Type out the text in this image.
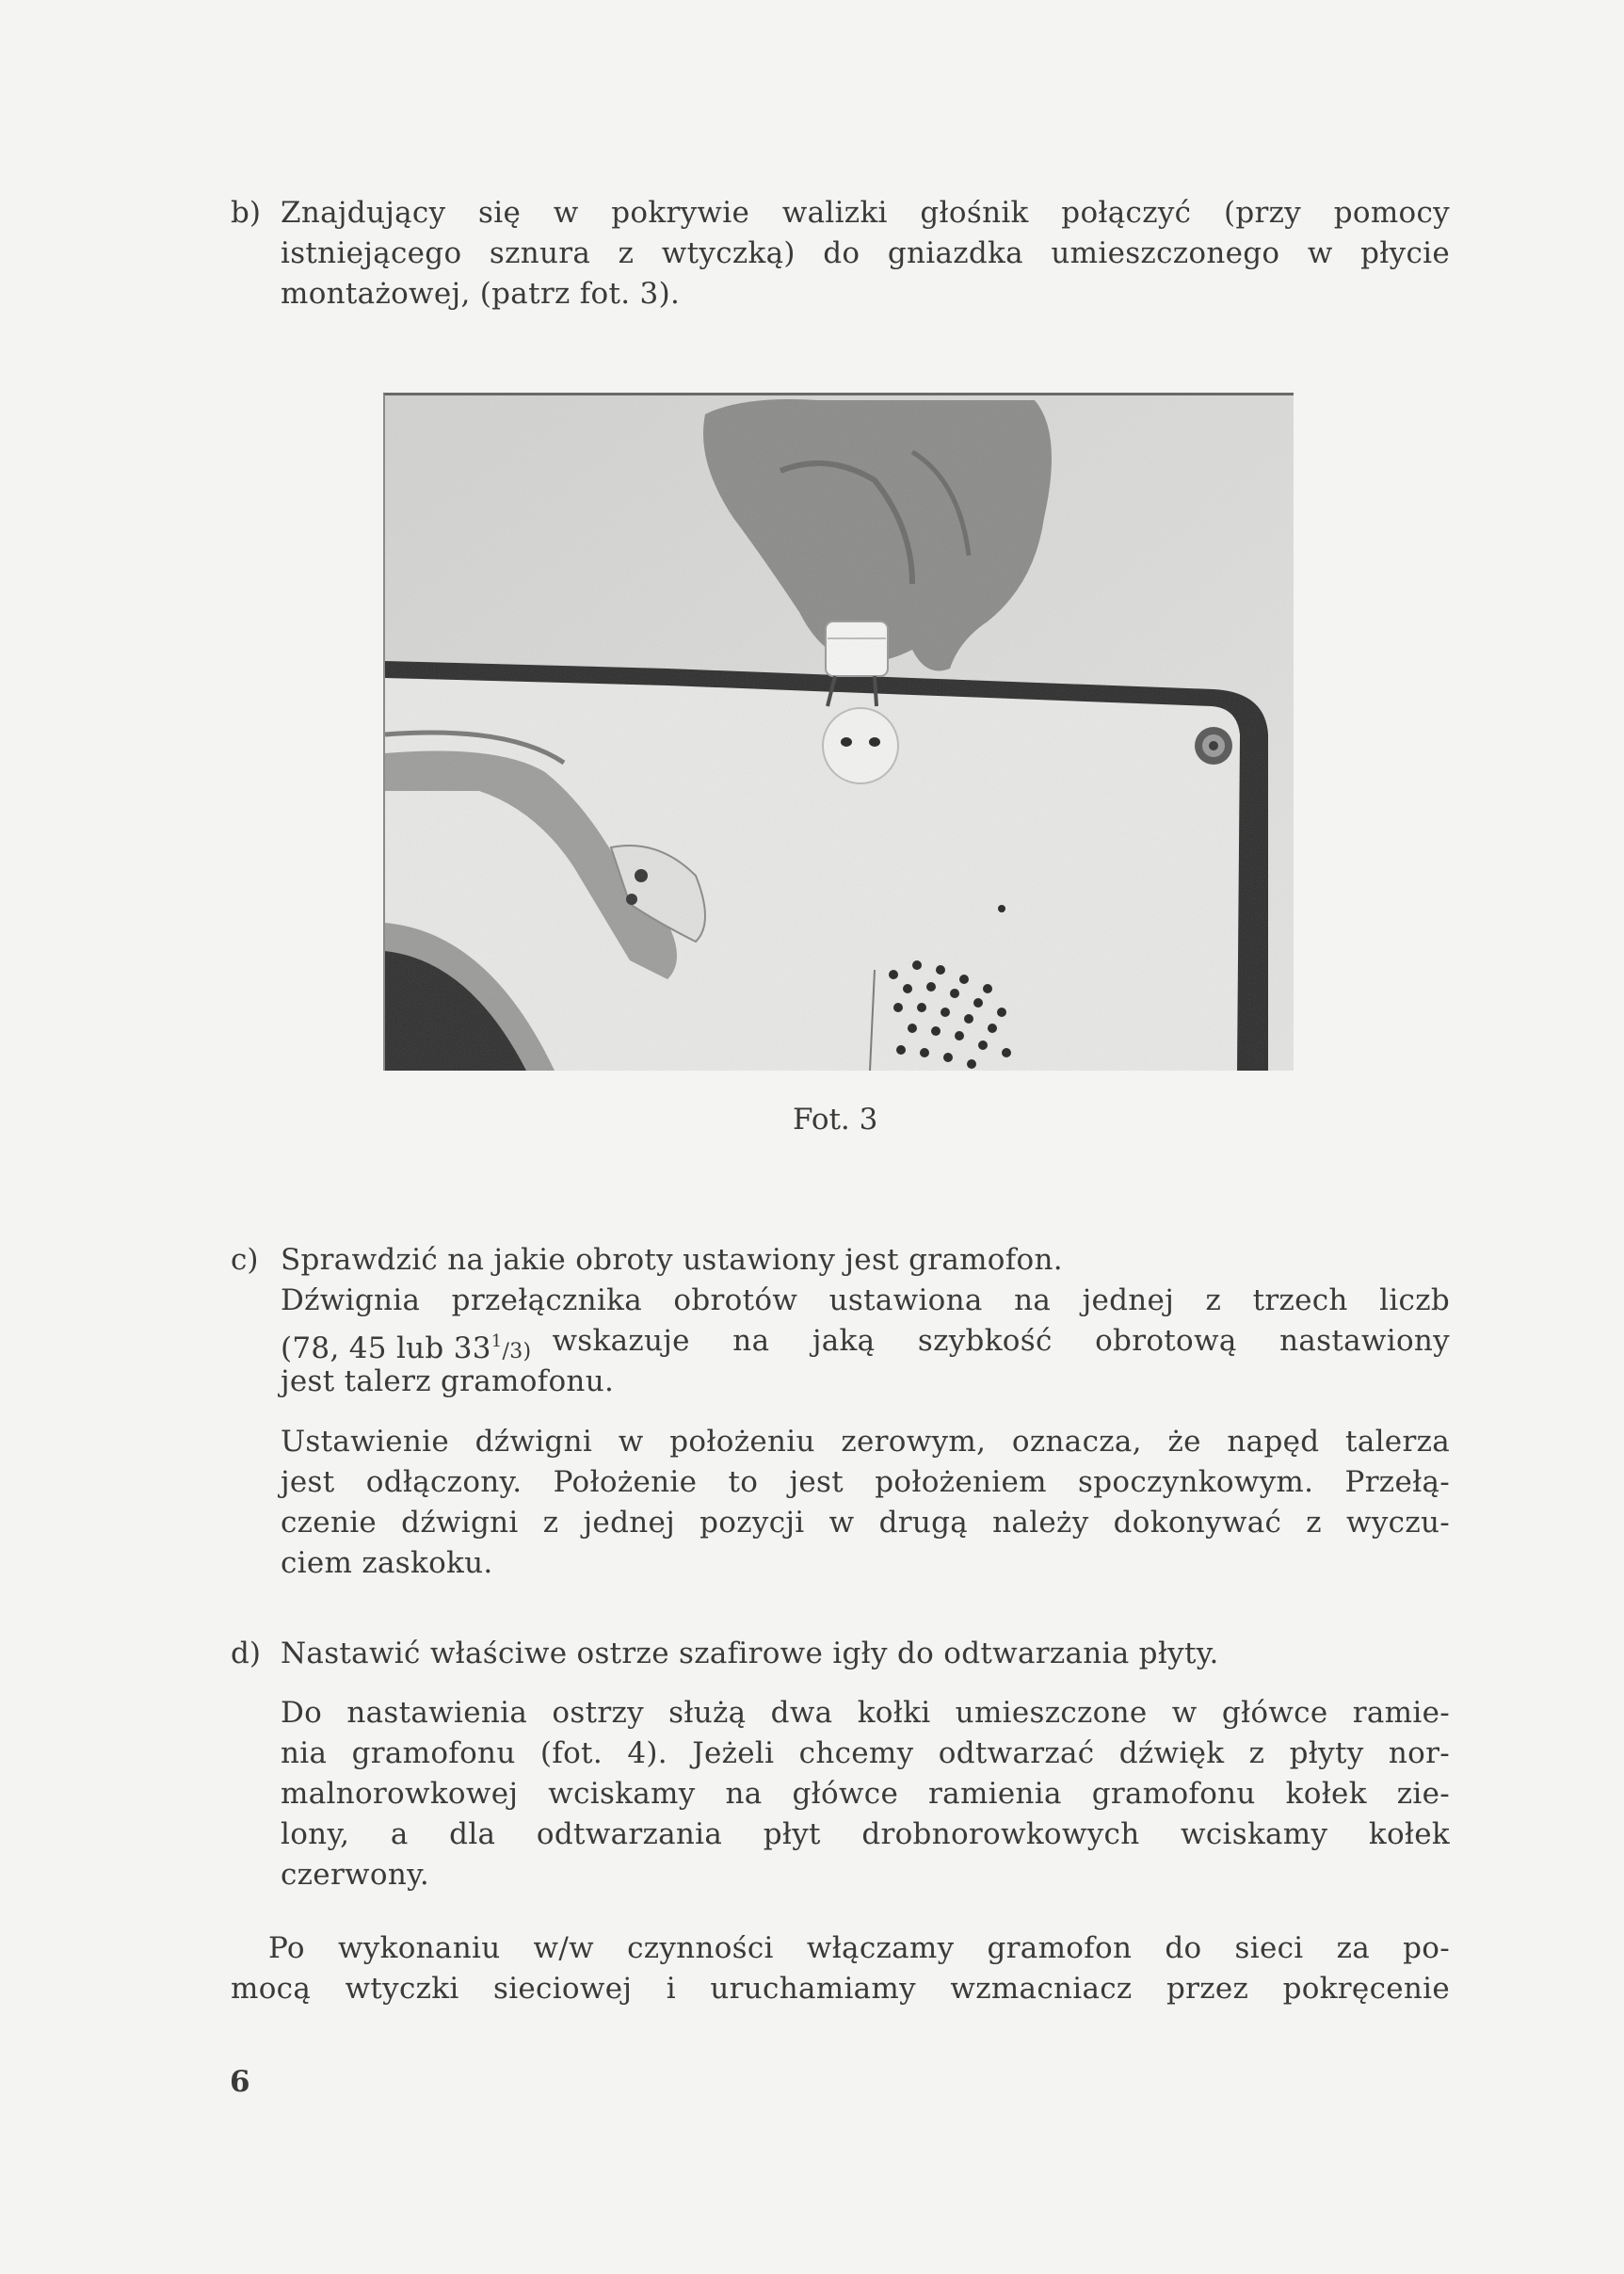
b) Znajdujący się w pokrywie walizki głośnik połączyć (przy pomocy
istniejącego sznura z wtyczką) do gniazdka umieszczonego w płycie
montażowej, (patrz fot. 3).
Fot. 3
c) Sprawdzić na jakie obroty ustawiony jest gramofon.
Dźwignia przełącznika obrotów ustawiona na jednej z trzech liczb
(78, 45 lub $33^1/3$) wskazuje na jaką szybkość obrotową nastawiony
jest talerz gramofonu.
Ustawienie dźwigni w położeniu zerowym, oznacza, że napęd talerza
jest odłączony. Położenie to jest położeniem spoczynkowym. Przełą-
czenie dźwigni z jednej pozycji w drugą należy dokonywać z wyczu-
ciem zaskoku.
d) Nastawić właściwe ostrze szafirowe igły do odtwarzania płyty.
Do nastawienia ostrzy służą dwa kołki umieszczone w główce ramie-
nia gramofonu (fot. 4). Jeżeli chcemy odtwarzać dźwięk z płyty nor-
malnorowkowej wciskamy na główce ramienia gramofonu kołek zie-
lony, a dla odtwarzania płyt drobnorowkowych wciskamy kołek
czerwony.
Po wykonaniu w/w czynności włączamy gramofon do sieci za po-
mocą wtyczki sieciowej i uruchamiamy wzmacniacz przez pokręcenie
6
